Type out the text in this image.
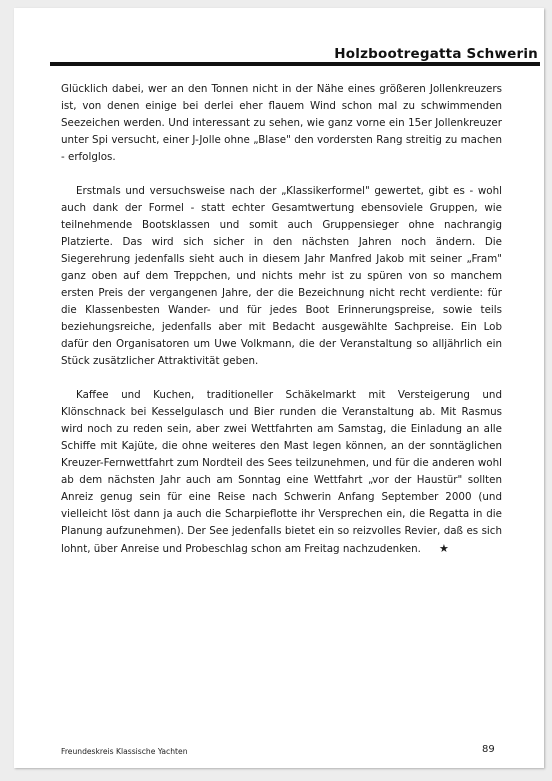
Holzbootregatta Schwerin

Glücklich dabei, wer an den Tonnen nicht in der Nähe eines größeren Jollenkreuzers ist, von denen einige bei derlei eher flauem Wind schon mal zu schwimmenden Seezeichen werden. Und interessant zu sehen, wie ganz vorne ein 15er Jollenkreuzer unter Spi versucht, einer J-Jolle ohne „Blase" den vordersten Rang streitig zu machen - erfolglos.

Erstmals und versuchsweise nach der „Klassikerformel" gewertet, gibt es - wohl auch dank der Formel - statt echter Gesamtwertung ebensoviele Gruppen, wie teilnehmende Bootsklassen und somit auch Gruppensieger ohne nachrangig Platzierte. Das wird sich sicher in den nächsten Jahren noch ändern. Die Siegerehrung jedenfalls sieht auch in diesem Jahr Manfred Jakob mit seiner „Fram" ganz oben auf dem Treppchen, und nichts mehr ist zu spüren von so manchem ersten Preis der vergangenen Jahre, der die Bezeichnung nicht recht verdiente: für die Klassenbesten Wander- und für jedes Boot Erinnerungspreise, sowie teils beziehungsreiche, jedenfalls aber mit Bedacht ausgewählte Sachpreise. Ein Lob dafür den Organisatoren um Uwe Volkmann, die der Veranstaltung so alljährlich ein Stück zusätzlicher Attraktivität geben.

Kaffee und Kuchen, traditioneller Schäkelmarkt mit Versteigerung und Klönschnack bei Kesselgulasch und Bier runden die Veranstaltung ab. Mit Rasmus wird noch zu reden sein, aber zwei Wettfahrten am Samstag, die Einladung an alle Schiffe mit Kajüte, die ohne weiteres den Mast legen können, an der sonntäglichen Kreuzer-Fernwettfahrt zum Nordteil des Sees teilzunehmen, und für die anderen wohl ab dem nächsten Jahr auch am Sonntag eine Wettfahrt „vor der Haustür" sollten Anreiz genug sein für eine Reise nach Schwerin Anfang September 2000 (und vielleicht löst dann ja auch die Scharpieflotte ihr Versprechen ein, die Regatta in die Planung aufzunehmen). Der See jedenfalls bietet ein so reizvolles Revier, daß es sich lohnt, über Anreise und Probeschlag schon am Freitag nachzudenken. ★

Freundeskreis Klassische Yachten	89
